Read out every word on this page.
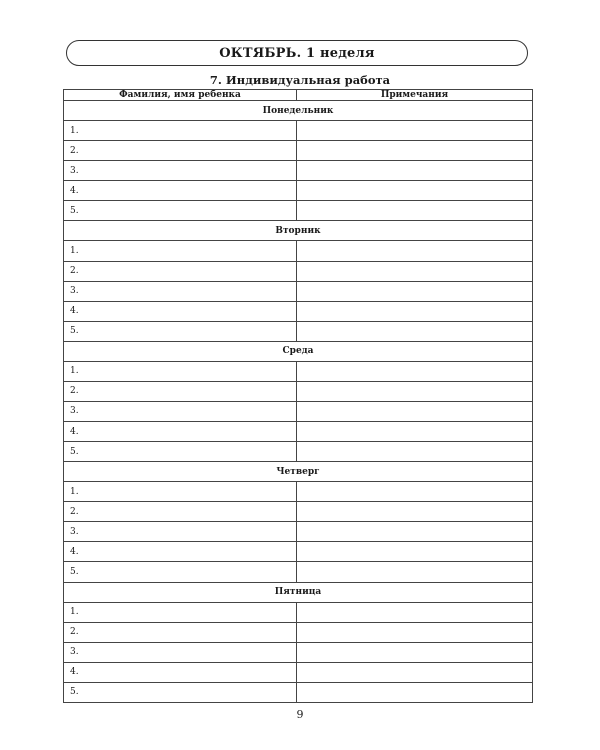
ОКТЯБРЬ. 1 неделя
7. Индивидуальная работа
Фамилия, имя ребенка	Примечания
Понедельник	
1.	
2.	
3.	
4.	
5.	
Вторник	
1.	
2.	
3.	
4.	
5.	
Среда	
1.	
2.	
3.	
4.	
5.	
Четверг	
1.	
2.	
3.	
4.	
5.	
Пятница	
1.	
2.	
3.	
4.	
5.	
9
